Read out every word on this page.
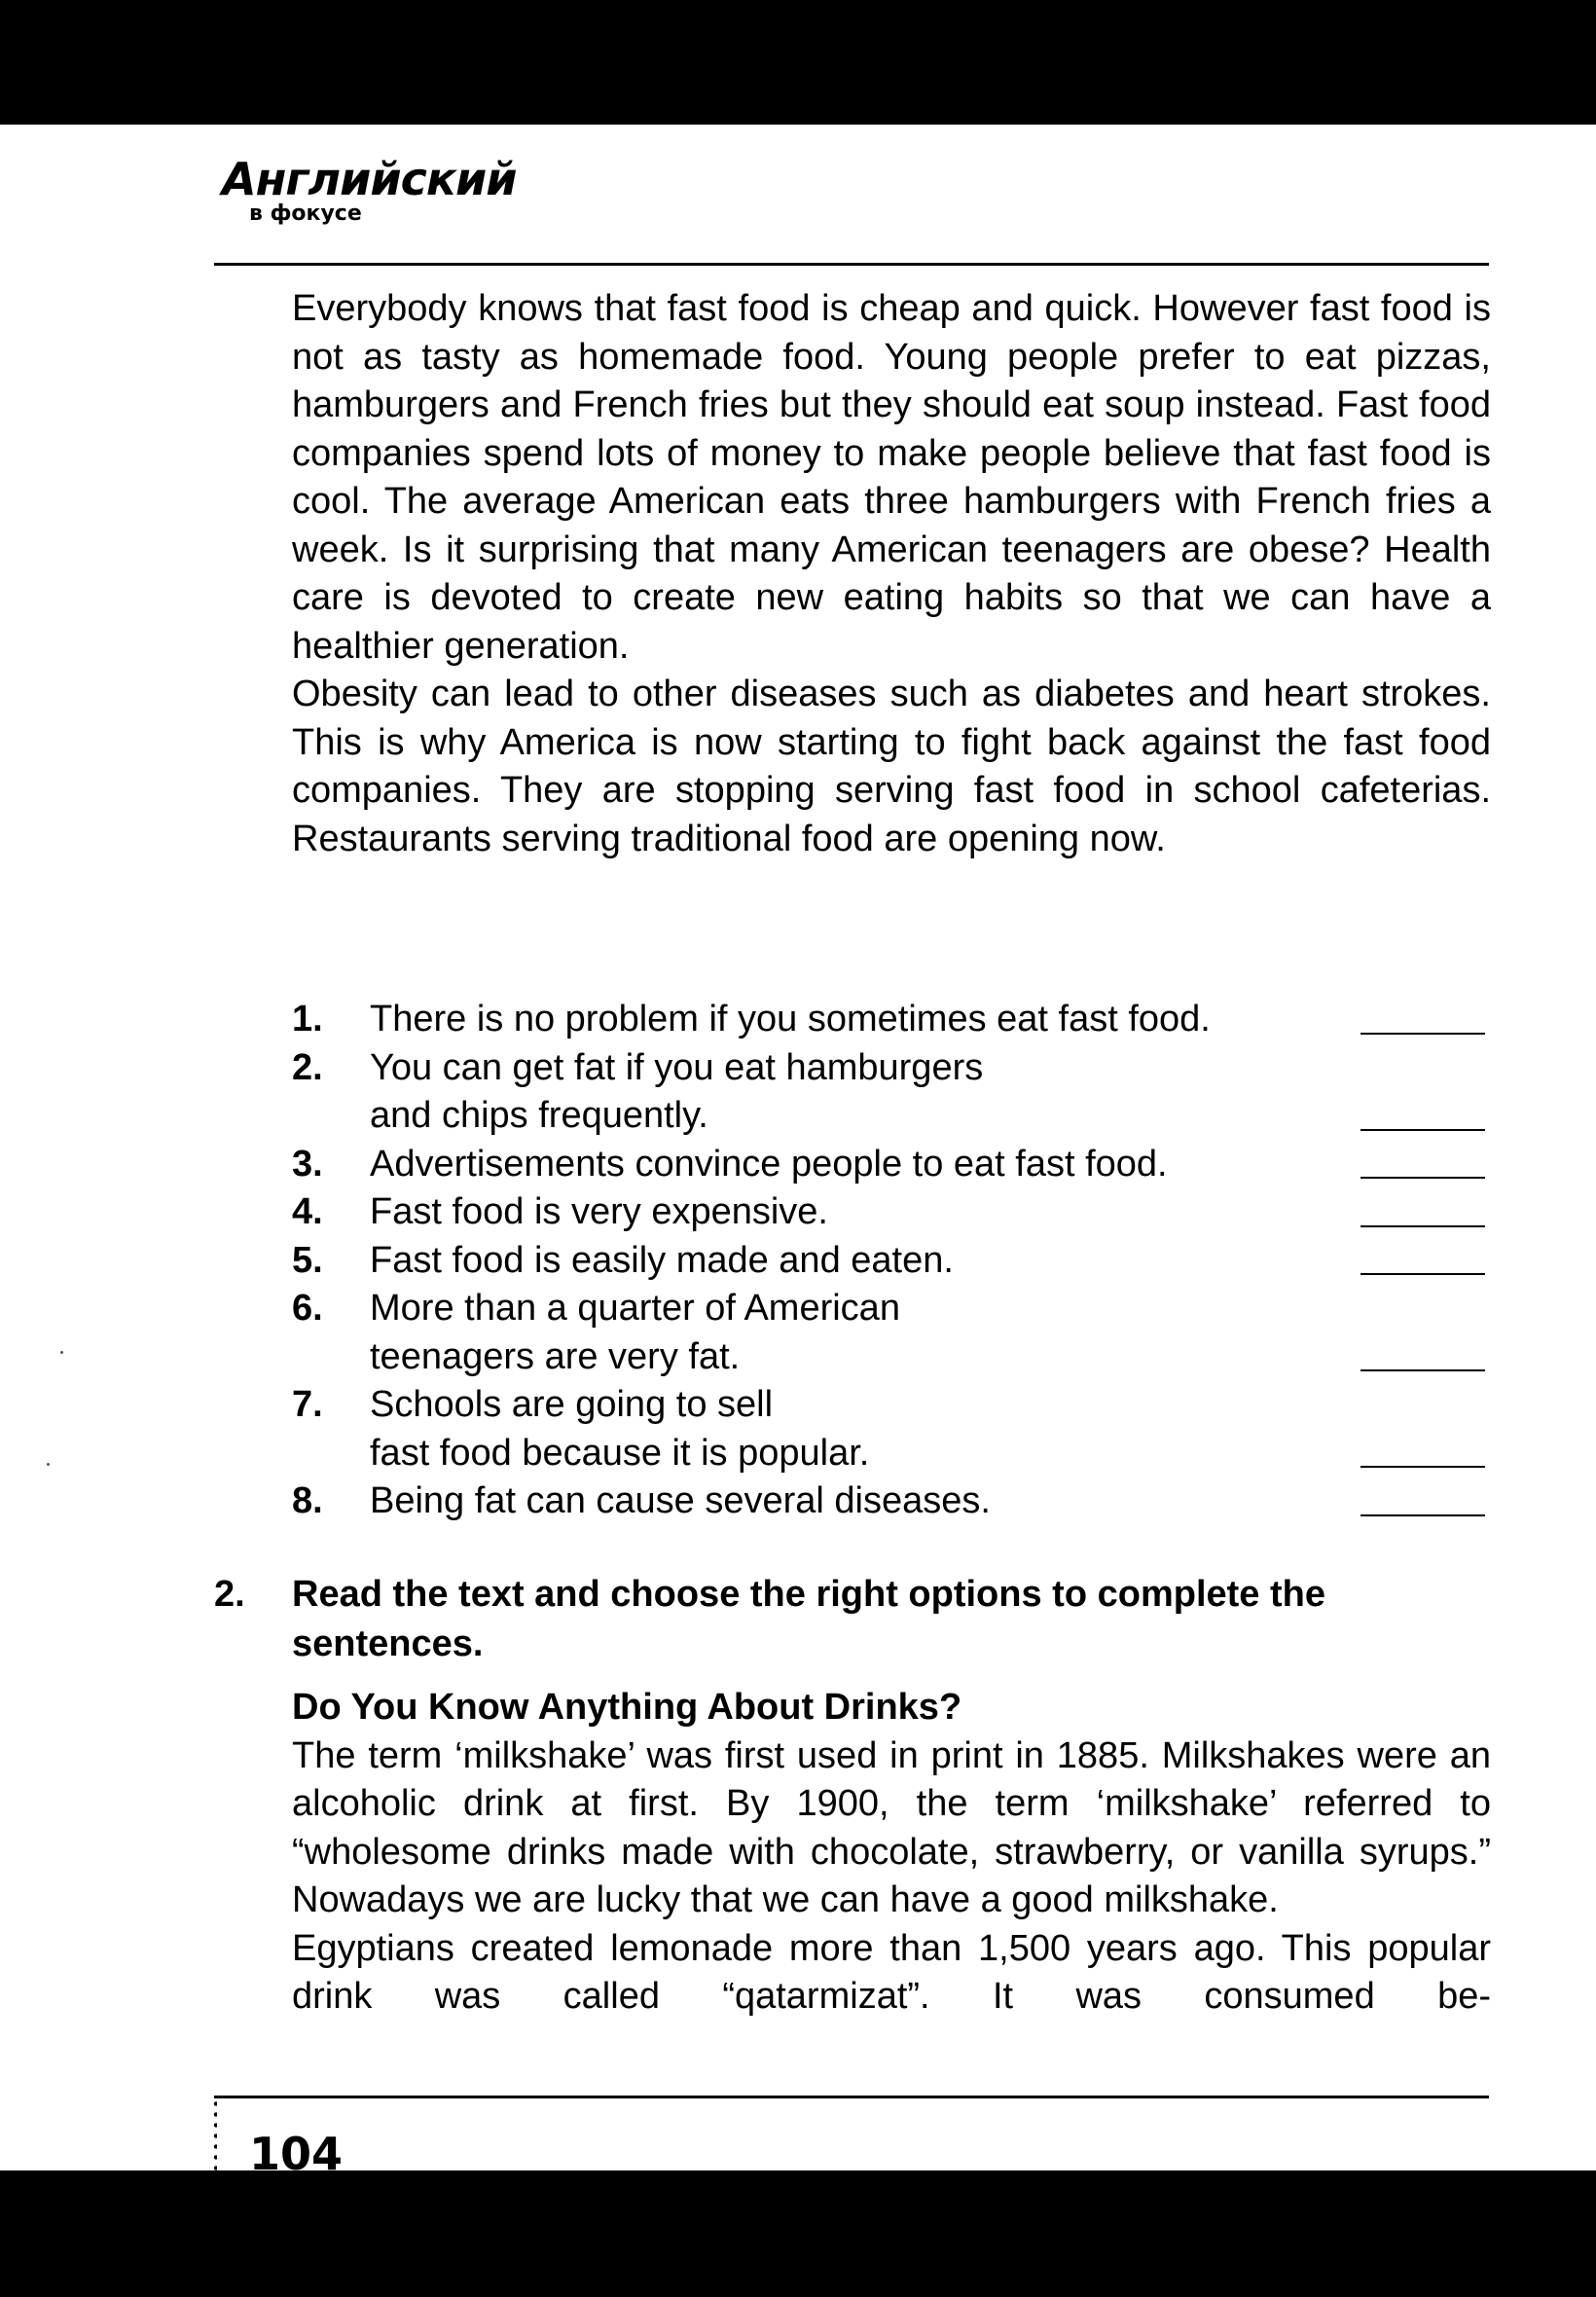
Английский
в фокусе

Everybody knows that fast food is cheap and quick. However fast food is not as tasty as homemade food. Young people prefer to eat pizzas, hamburgers and French fries but they should eat soup instead. Fast food companies spend lots of money to make people believe that fast food is cool. The average American eats three hamburgers with French fries a week. Is it surprising that many American teenagers are obese? Health care is devoted to create new eating habits so that we can have a healthier generation.

Obesity can lead to other diseases such as diabetes and heart strokes. This is why America is now starting to fight back against the fast food companies. They are stopping serving fast food in school cafeterias. Restaurants serving traditional food are opening now.

1.	There is no problem if you sometimes eat fast food.
2.	You can get fat if you eat hamburgers
and chips frequently.
3.	Advertisements convince people to eat fast food.
4.	Fast food is very expensive.
5.	Fast food is easily made and eaten.
6.	More than a quarter of American
teenagers are very fat.
7.	Schools are going to sell
fast food because it is popular.
8.	Being fat can cause several diseases.
2. Read the text and choose the right options to complete the sentences.

Do You Know Anything About Drinks?

The term ‘milkshake’ was first used in print in 1885. Milkshakes were an alcoholic drink at first. By 1900, the term ‘milkshake’ referred to “wholesome drinks made with chocolate, strawberry, or vanilla syrups.” Nowadays we are lucky that we can have a good milkshake.

Egyptians created lemonade more than 1,500 years ago. This popular drink was called “qatarmizat”. It was consumed be-

104
